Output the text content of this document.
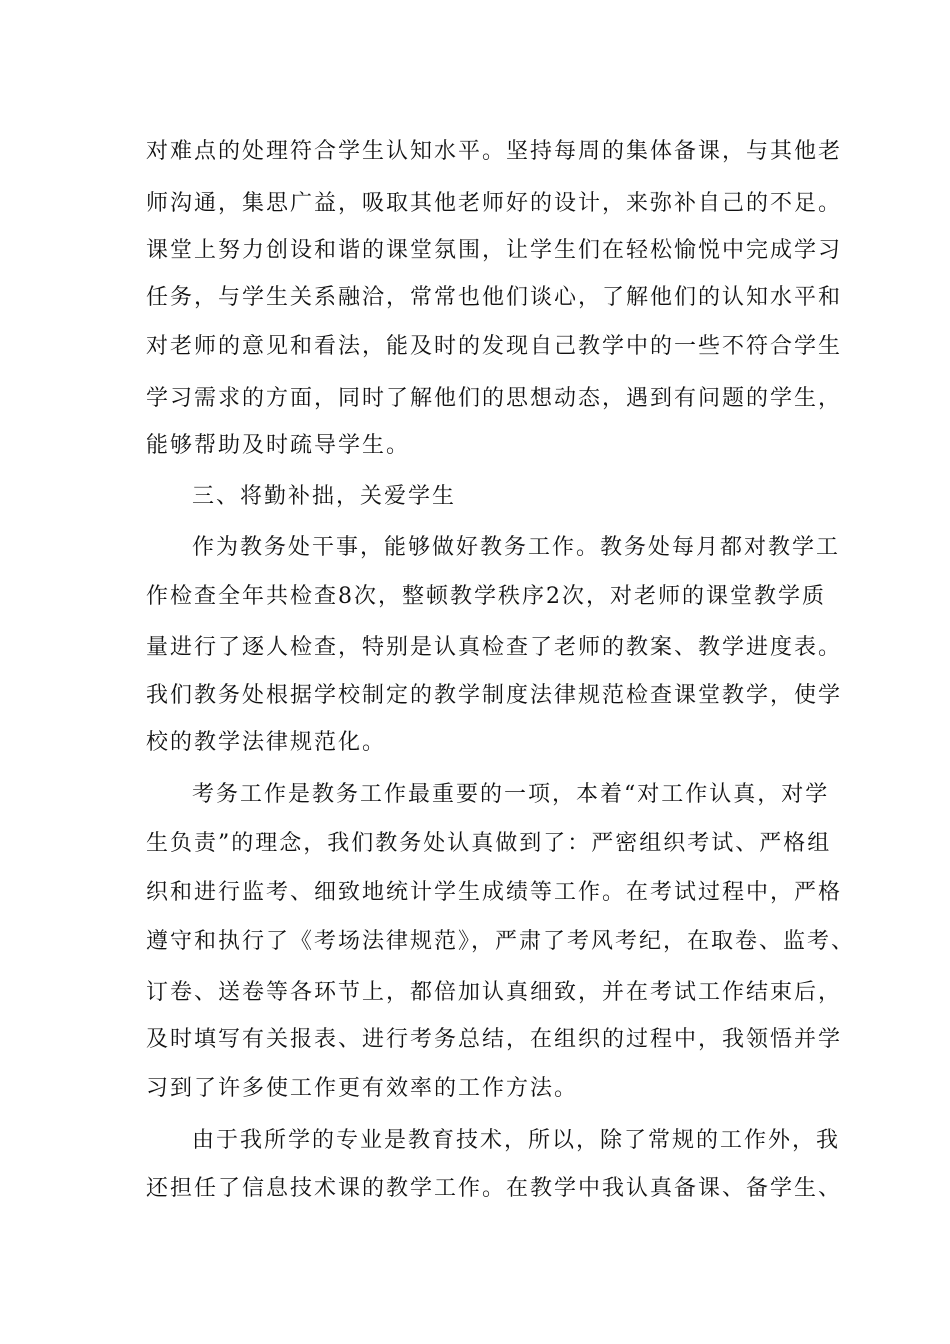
对难点的处理符合学生认知水平。坚持每周的集体备课，与其他老
师沟通，集思广益，吸取其他老师好的设计，来弥补自己的不足。
课堂上努力创设和谐的课堂氛围，让学生们在轻松愉悦中完成学习
任务，与学生关系融洽，常常也他们谈心，了解他们的认知水平和
对老师的意见和看法，能及时的发现自己教学中的一些不符合学生
学习需求的方面，同时了解他们的思想动态，遇到有问题的学生，
能够帮助及时疏导学生。
三、将勤补拙，关爱学生
作为教务处干事，能够做好教务工作。教务处每月都对教学工
作检查全年共检查8次，整顿教学秩序2次，对老师的课堂教学质
量进行了逐人检查，特别是认真检查了老师的教案、教学进度表。
我们教务处根据学校制定的教学制度法律规范检查课堂教学，使学
校的教学法律规范化。
考务工作是教务工作最重要的一项，本着“对工作认真，对学
生负责”的理念，我们教务处认真做到了：严密组织考试、严格组
织和进行监考、细致地统计学生成绩等工作。在考试过程中，严格
遵守和执行了《考场法律规范》，严肃了考风考纪，在取卷、监考、
订卷、送卷等各环节上，都倍加认真细致，并在考试工作结束后，
及时填写有关报表、进行考务总结，在组织的过程中，我领悟并学
习到了许多使工作更有效率的工作方法。
由于我所学的专业是教育技术，所以，除了常规的工作外，我
还担任了信息技术课的教学工作。在教学中我认真备课、备学生、
